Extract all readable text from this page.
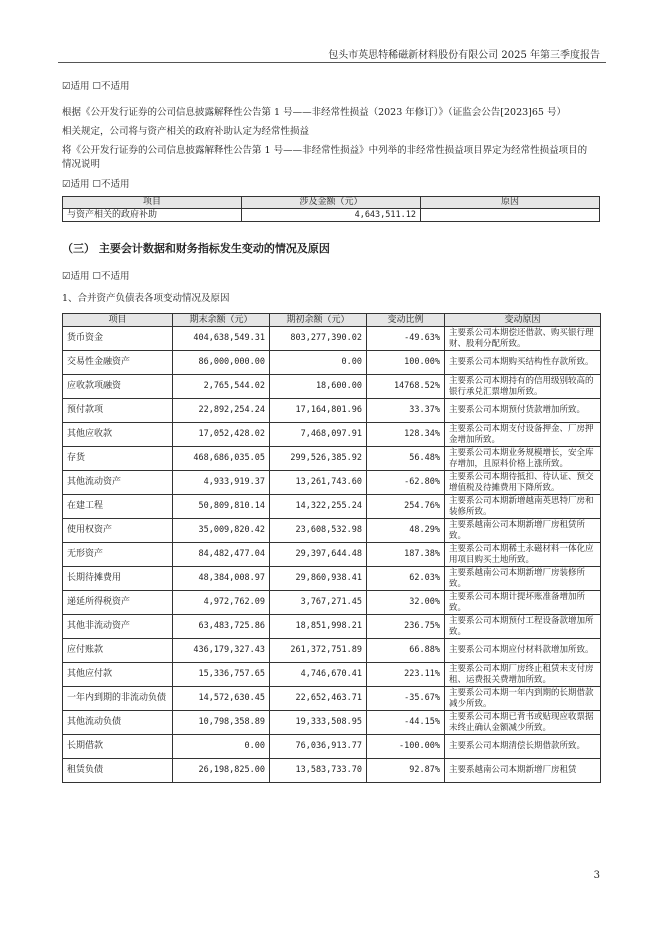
包头市英思特稀磁新材料股份有限公司 2025 年第三季度报告
☑适用 ☐不适用
根据《公开发行证券的公司信息披露解释性公告第 1 号——非经常性损益（2023 年修订）》（证监会公告[2023]65 号）
相关规定，公司将与资产相关的政府补助认定为经常性损益
将《公开发行证券的公司信息披露解释性公告第 1 号——非经常性损益》中列举的非经常性损益项目界定为经常性损益项目的情况说明
☑适用 ☐不适用
项目	涉及金额（元）	原因
与资产相关的政府补助	4,643,511.12	
（三） 主要会计数据和财务指标发生变动的情况及原因
☑适用 ☐不适用
1、合并资产负债表各项变动情况及原因
项目	期末余额（元）	期初余额（元）	变动比例	变动原因
货币资金	404,638,549.31	803,277,390.02	-49.63%	主要系公司本期偿还借款、购买银行理财、股利分配所致。
交易性金融资产	86,000,000.00	0.00	100.00%	主要系公司本期购买结构性存款所致。
应收款项融资	2,765,544.02	18,600.00	14768.52%	主要系公司本期持有的信用级别较高的银行承兑汇票增加所致。
预付款项	22,892,254.24	17,164,801.96	33.37%	主要系公司本期预付货款增加所致。
其他应收款	17,052,428.02	7,468,097.91	128.34%	主要系公司本期支付设备押金、厂房押金增加所致。
存货	468,686,035.05	299,526,385.92	56.48%	主要系公司本期业务规模增长，安全库存增加，且原料价格上涨所致。
其他流动资产	4,933,919.37	13,261,743.60	-62.80%	主要系公司本期待抵扣、待认证、预交增值税及待摊费用下降所致。
在建工程	50,809,810.14	14,322,255.24	254.76%	主要系公司本期新增越南英思特厂房和装修所致。
使用权资产	35,009,820.42	23,608,532.98	48.29%	主要系越南公司本期新增厂房租赁所致。
无形资产	84,482,477.04	29,397,644.48	187.38%	主要系公司本期稀土永磁材料一体化应用项目购买土地所致。
长期待摊费用	48,384,008.97	29,860,938.41	62.03%	主要系越南公司本期新增厂房装修所致。
递延所得税资产	4,972,762.09	3,767,271.45	32.00%	主要系公司本期计提坏账准备增加所致。
其他非流动资产	63,483,725.86	18,851,998.21	236.75%	主要系公司本期预付工程设备款增加所致。
应付账款	436,179,327.43	261,372,751.89	66.88%	主要系公司本期应付材料款增加所致。
其他应付款	15,336,757.65	4,746,670.41	223.11%	主要系公司本期厂房终止租赁未支付房租、运费报关费增加所致。
一年内到期的非流动负债	14,572,630.45	22,652,463.71	-35.67%	主要系公司本期一年内到期的长期借款减少所致。
其他流动负债	10,798,358.89	19,333,508.95	-44.15%	主要系公司本期已背书或贴现应收票据未终止确认金额减少所致。
长期借款	0.00	76,036,913.77	-100.00%	主要系公司本期清偿长期借款所致。
租赁负债	26,198,825.00	13,583,733.70	92.87%	主要系越南公司本期新增厂房租赁
3
